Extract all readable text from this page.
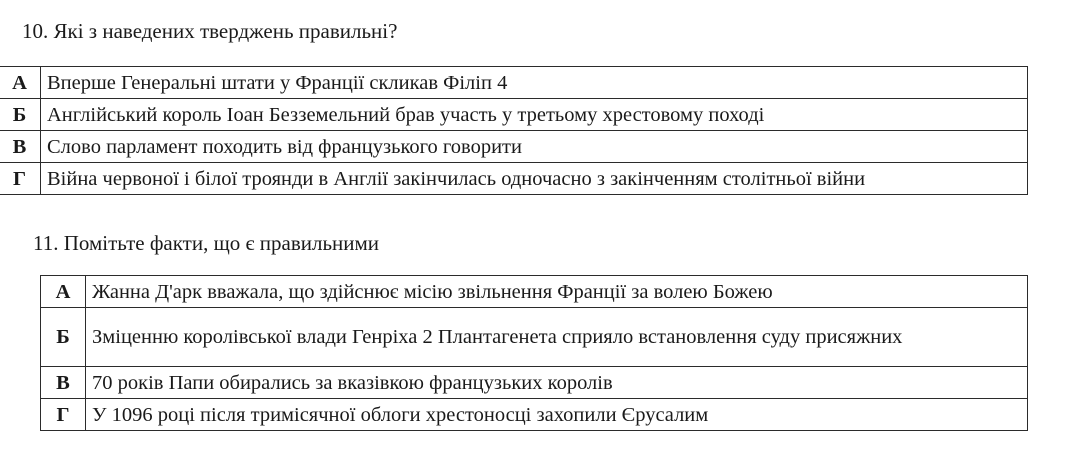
10. Які з наведених тверджень правильні?
А	Вперше Генеральні штати у Франції скликав Філіп 4
Б	Англійський король Іоан Безземельний брав участь у третьому хрестовому поході
В	Слово парламент походить від французького говорити
Г	Війна червоної і білої троянди в Англії закінчилась одночасно з закінченням столітньої війни
11. Помітьте факти, що є правильними
А	Жанна Д'арк вважала, що здійснює місію звільнення Франції за волею Божею
Б	Зміценню королівської влади Генріха 2 Плантагенета сприяло встановлення суду присяжних
В	70 років Папи обирались за вказівкою французьких королів
Г	У 1096 році після тримісячної облоги хрестоносці захопили Єрусалим
